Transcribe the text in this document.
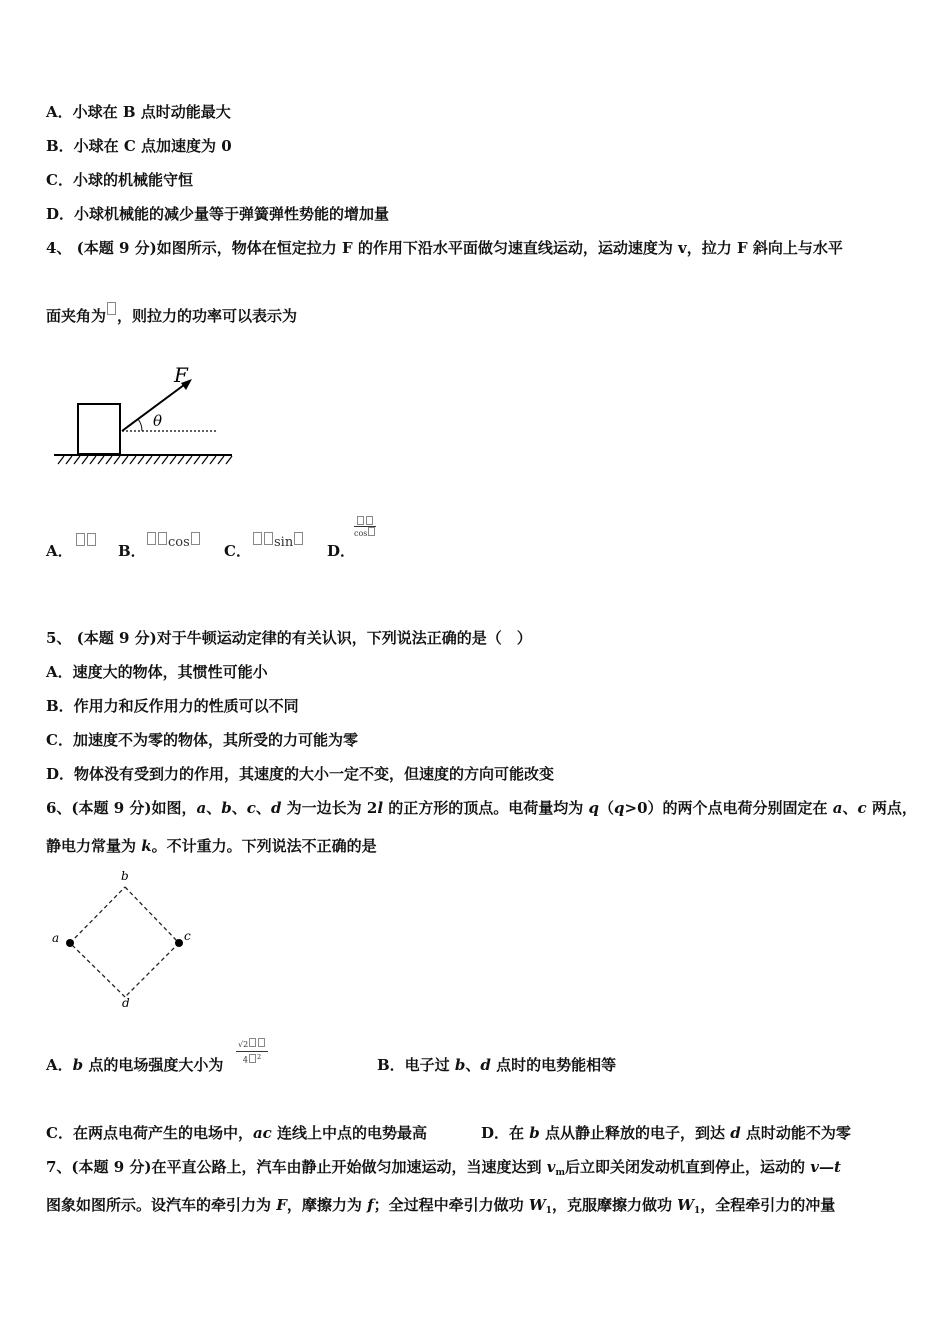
A．小球在 B 点时动能最大
B．小球在 C 点加速度为 0
C．小球的机械能守恒
D．小球机械能的减少量等于弹簧弹性势能的增加量
4、 (本题 9 分)如图所示，物体在恒定拉力 F 的作用下沿水平面做匀速直线运动，运动速度为 v，拉力 F 斜向上与水平
面夹角为 ，则拉力的功率可以表示为
F
θ
A．	B．	cos	C．	sin	D．
cos
5、 (本题 9 分)对于牛顿运动定律的有关认识，下列说法正确的是（　）
A．速度大的物体，其惯性可能小
B．作用力和反作用力的性质可以不同
C．加速度不为零的物体，其所受的力可能为零
D．物体没有受到力的作用，其速度的大小一定不变，但速度的方向可能改变
6、(本题 9 分)如图，a、b、c、d 为一边长为 2l 的正方形的顶点。电荷量均为 q（q>0）的两个点电荷分别固定在 a、c 两点，
静电力常量为 k。不计重力。下列说法不正确的是
a
b
c
d
A．b 点的电场强度大小为 $\frac{√2}{4 ^2}$	B．电子过 b、d 点时的电势能相等
C．在两点电荷产生的电场中，ac 连线上中点的电势最高	D．在 b 点从静止释放的电子，到达 d 点时动能不为零
7、(本题 9 分)在平直公路上，汽车由静止开始做匀加速运动，当速度达到 $v_m$后立即关闭发动机直到停止，运动的 v—t
图象如图所示。设汽车的牵引力为 F，摩擦力为 f；全过程中牵引力做功 $W_1$，克服摩擦力做功 $W_1$，全程牵引力的冲量
